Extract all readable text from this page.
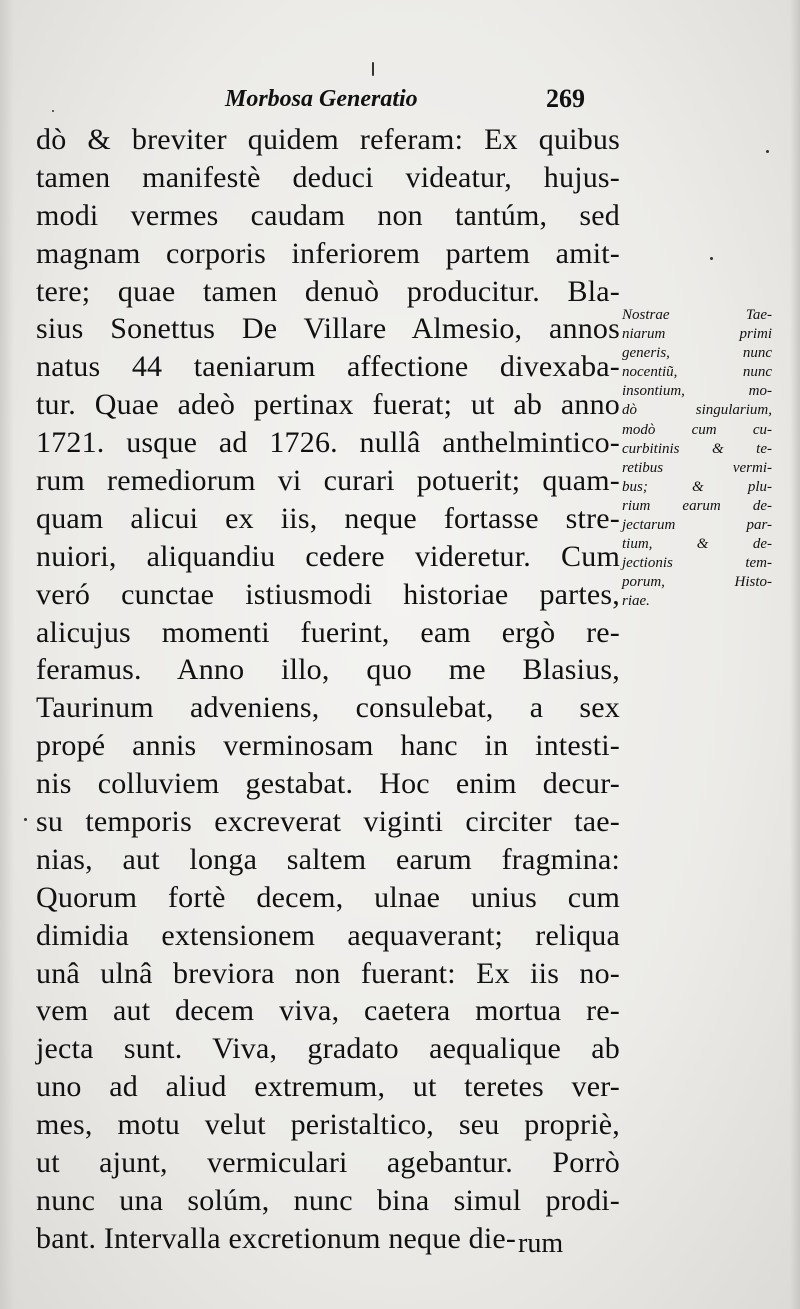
Morbosa Generatio	269
dò & breviter quidem referam: Ex quibus
tamen manifestè deduci videatur, hujus-
modi vermes caudam non tantúm, sed
magnam corporis inferiorem partem amit-
tere; quae tamen denuò producitur. Bla-
sius Sonettus De Villare Almesio, annos
natus 44 taeniarum affectione divexaba-
tur. Quae adeò pertinax fuerat; ut ab anno
1721. usque ad 1726. nullâ anthelmintico-
rum remediorum vi curari potuerit; quam-
quam alicui ex iis, neque fortasse stre-
nuiori, aliquandiu cedere videretur. Cum
veró cunctae istiusmodi historiae partes,
alicujus momenti fuerint, eam ergò re-
feramus. Anno illo, quo me Blasius,
Taurinum adveniens, consulebat, a sex
propé annis verminosam hanc in intesti-
nis colluviem gestabat. Hoc enim decur-
su temporis excreverat viginti circiter tae-
nias, aut longa saltem earum fragmina:
Quorum fortè decem, ulnae unius cum
dimidia extensionem aequaverant; reliqua
unâ ulnâ breviora non fuerant: Ex iis no-
vem aut decem viva, caetera mortua re-
jecta sunt. Viva, gradato aequalique ab
uno ad aliud extremum, ut teretes ver-
mes, motu velut peristaltico, seu propriè,
ut ajunt, vermiculari agebantur. Porrò
nunc una solúm, nunc bina simul prodi-
bant. Intervalla excretionum neque die-
Nostrae Tae-
niarum primi
generis, nunc
nocentiũ, nunc
insontium, mo-
dò singularium,
modò cum cu-
curbitinis & te-
retibus vermi-
bus; & plu-
rium earum de-
jectarum par-
tium, & de-
jectionis tem-
porum, Histo-
riae.
rum
